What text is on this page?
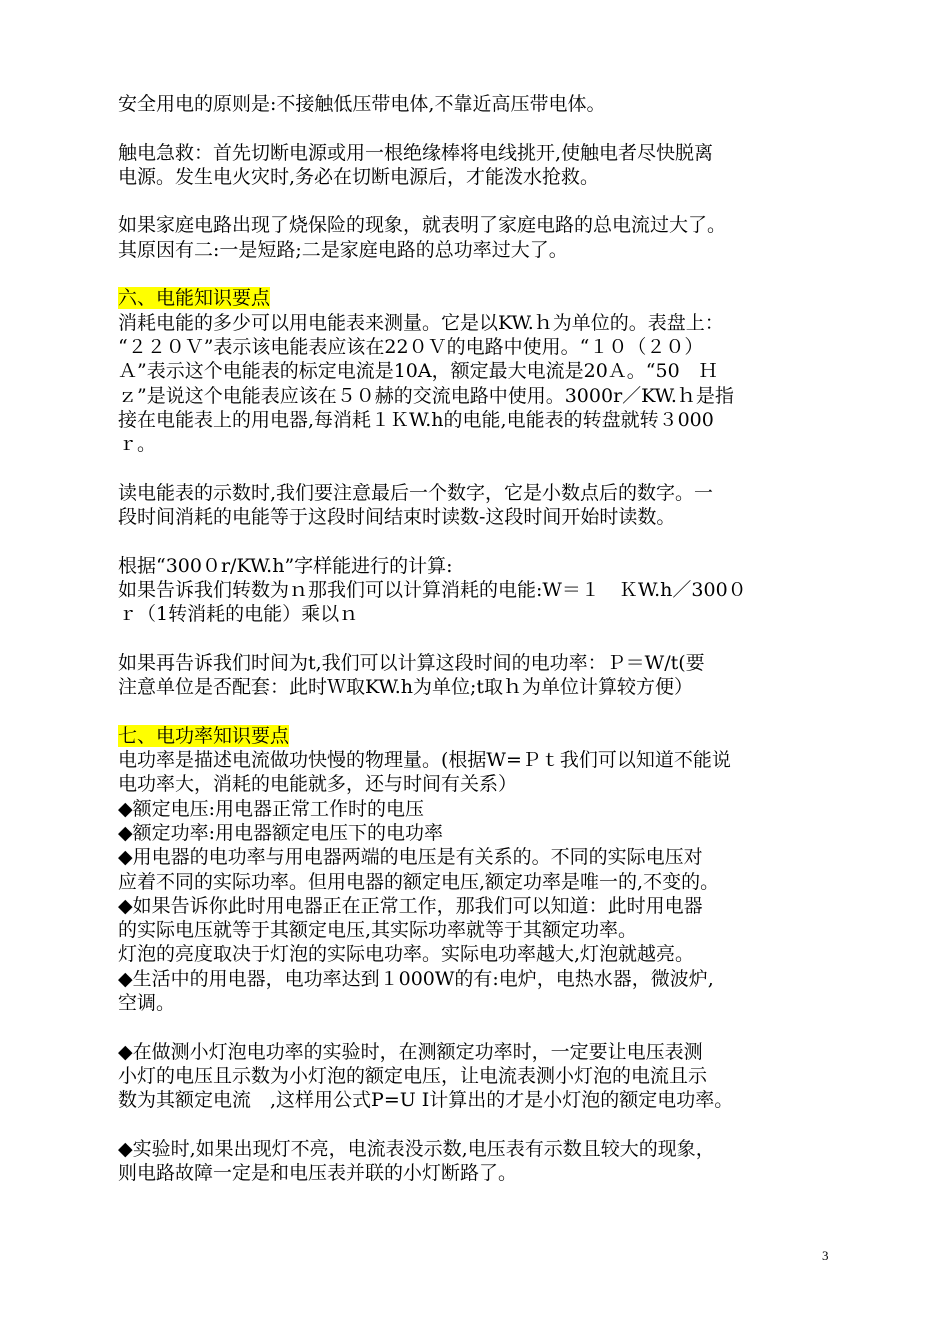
安全用电的原则是:不接触低压带电体,不靠近高压带电体。
触电急救：首先切断电源或用一根绝缘棒将电线挑开,使触电者尽快脱离
电源。发生电火灾时,务必在切断电源后，才能泼水抢救。
如果家庭电路出现了烧保险的现象，就表明了家庭电路的总电流过大了。
其原因有二:一是短路;二是家庭电路的总功率过大了。
六、电能知识要点
消耗电能的多少可以用电能表来测量。它是以KW.ｈ为单位的。表盘上：
“２２０Ｖ”表示该电能表应该在22０Ｖ的电路中使用。“１０（２０）
Ａ”表示这个电能表的标定电流是10A，额定最大电流是20Ａ。“50　Ｈ
ｚ”是说这个电能表应该在５０赫的交流电路中使用。3000r／KW.ｈ是指
接在电能表上的用电器,每消耗１ＫW.h的电能,电能表的转盘就转３000
ｒ。
读电能表的示数时,我们要注意最后一个数字，它是小数点后的数字。一
段时间消耗的电能等于这段时间结束时读数-这段时间开始时读数。
根据“300０r/KW.h”字样能进行的计算:
如果告诉我们转数为ｎ那我们可以计算消耗的电能:W＝１　ＫW.h／300０
ｒ（1转消耗的电能）乘以ｎ
如果再告诉我们时间为t,我们可以计算这段时间的电功率：Ｐ＝W/t(要
注意单位是否配套：此时Ｗ取KW.h为单位;t取ｈ为单位计算较方便）
七、电功率知识要点
电功率是描述电流做功快慢的物理量。(根据W=Ｐｔ我们可以知道不能说
电功率大，消耗的电能就多，还与时间有关系）
◆额定电压:用电器正常工作时的电压
◆额定功率:用电器额定电压下的电功率
◆用电器的电功率与用电器两端的电压是有关系的。不同的实际电压对
应着不同的实际功率。但用电器的额定电压,额定功率是唯一的,不变的。
◆如果告诉你此时用电器正在正常工作，那我们可以知道：此时用电器
的实际电压就等于其额定电压,其实际功率就等于其额定功率。
灯泡的亮度取决于灯泡的实际电功率。实际电功率越大,灯泡就越亮。
◆生活中的用电器，电功率达到１000W的有:电炉，电热水器，微波炉,
空调。
◆在做测小灯泡电功率的实验时，在测额定功率时，一定要让电压表测
小灯的电压且示数为小灯泡的额定电压，让电流表测小灯泡的电流且示
数为其额定电流　,这样用公式P=U I计算出的才是小灯泡的额定电功率。
◆实验时,如果出现灯不亮，电流表没示数,电压表有示数且较大的现象，
则电路故障一定是和电压表并联的小灯断路了。
3
